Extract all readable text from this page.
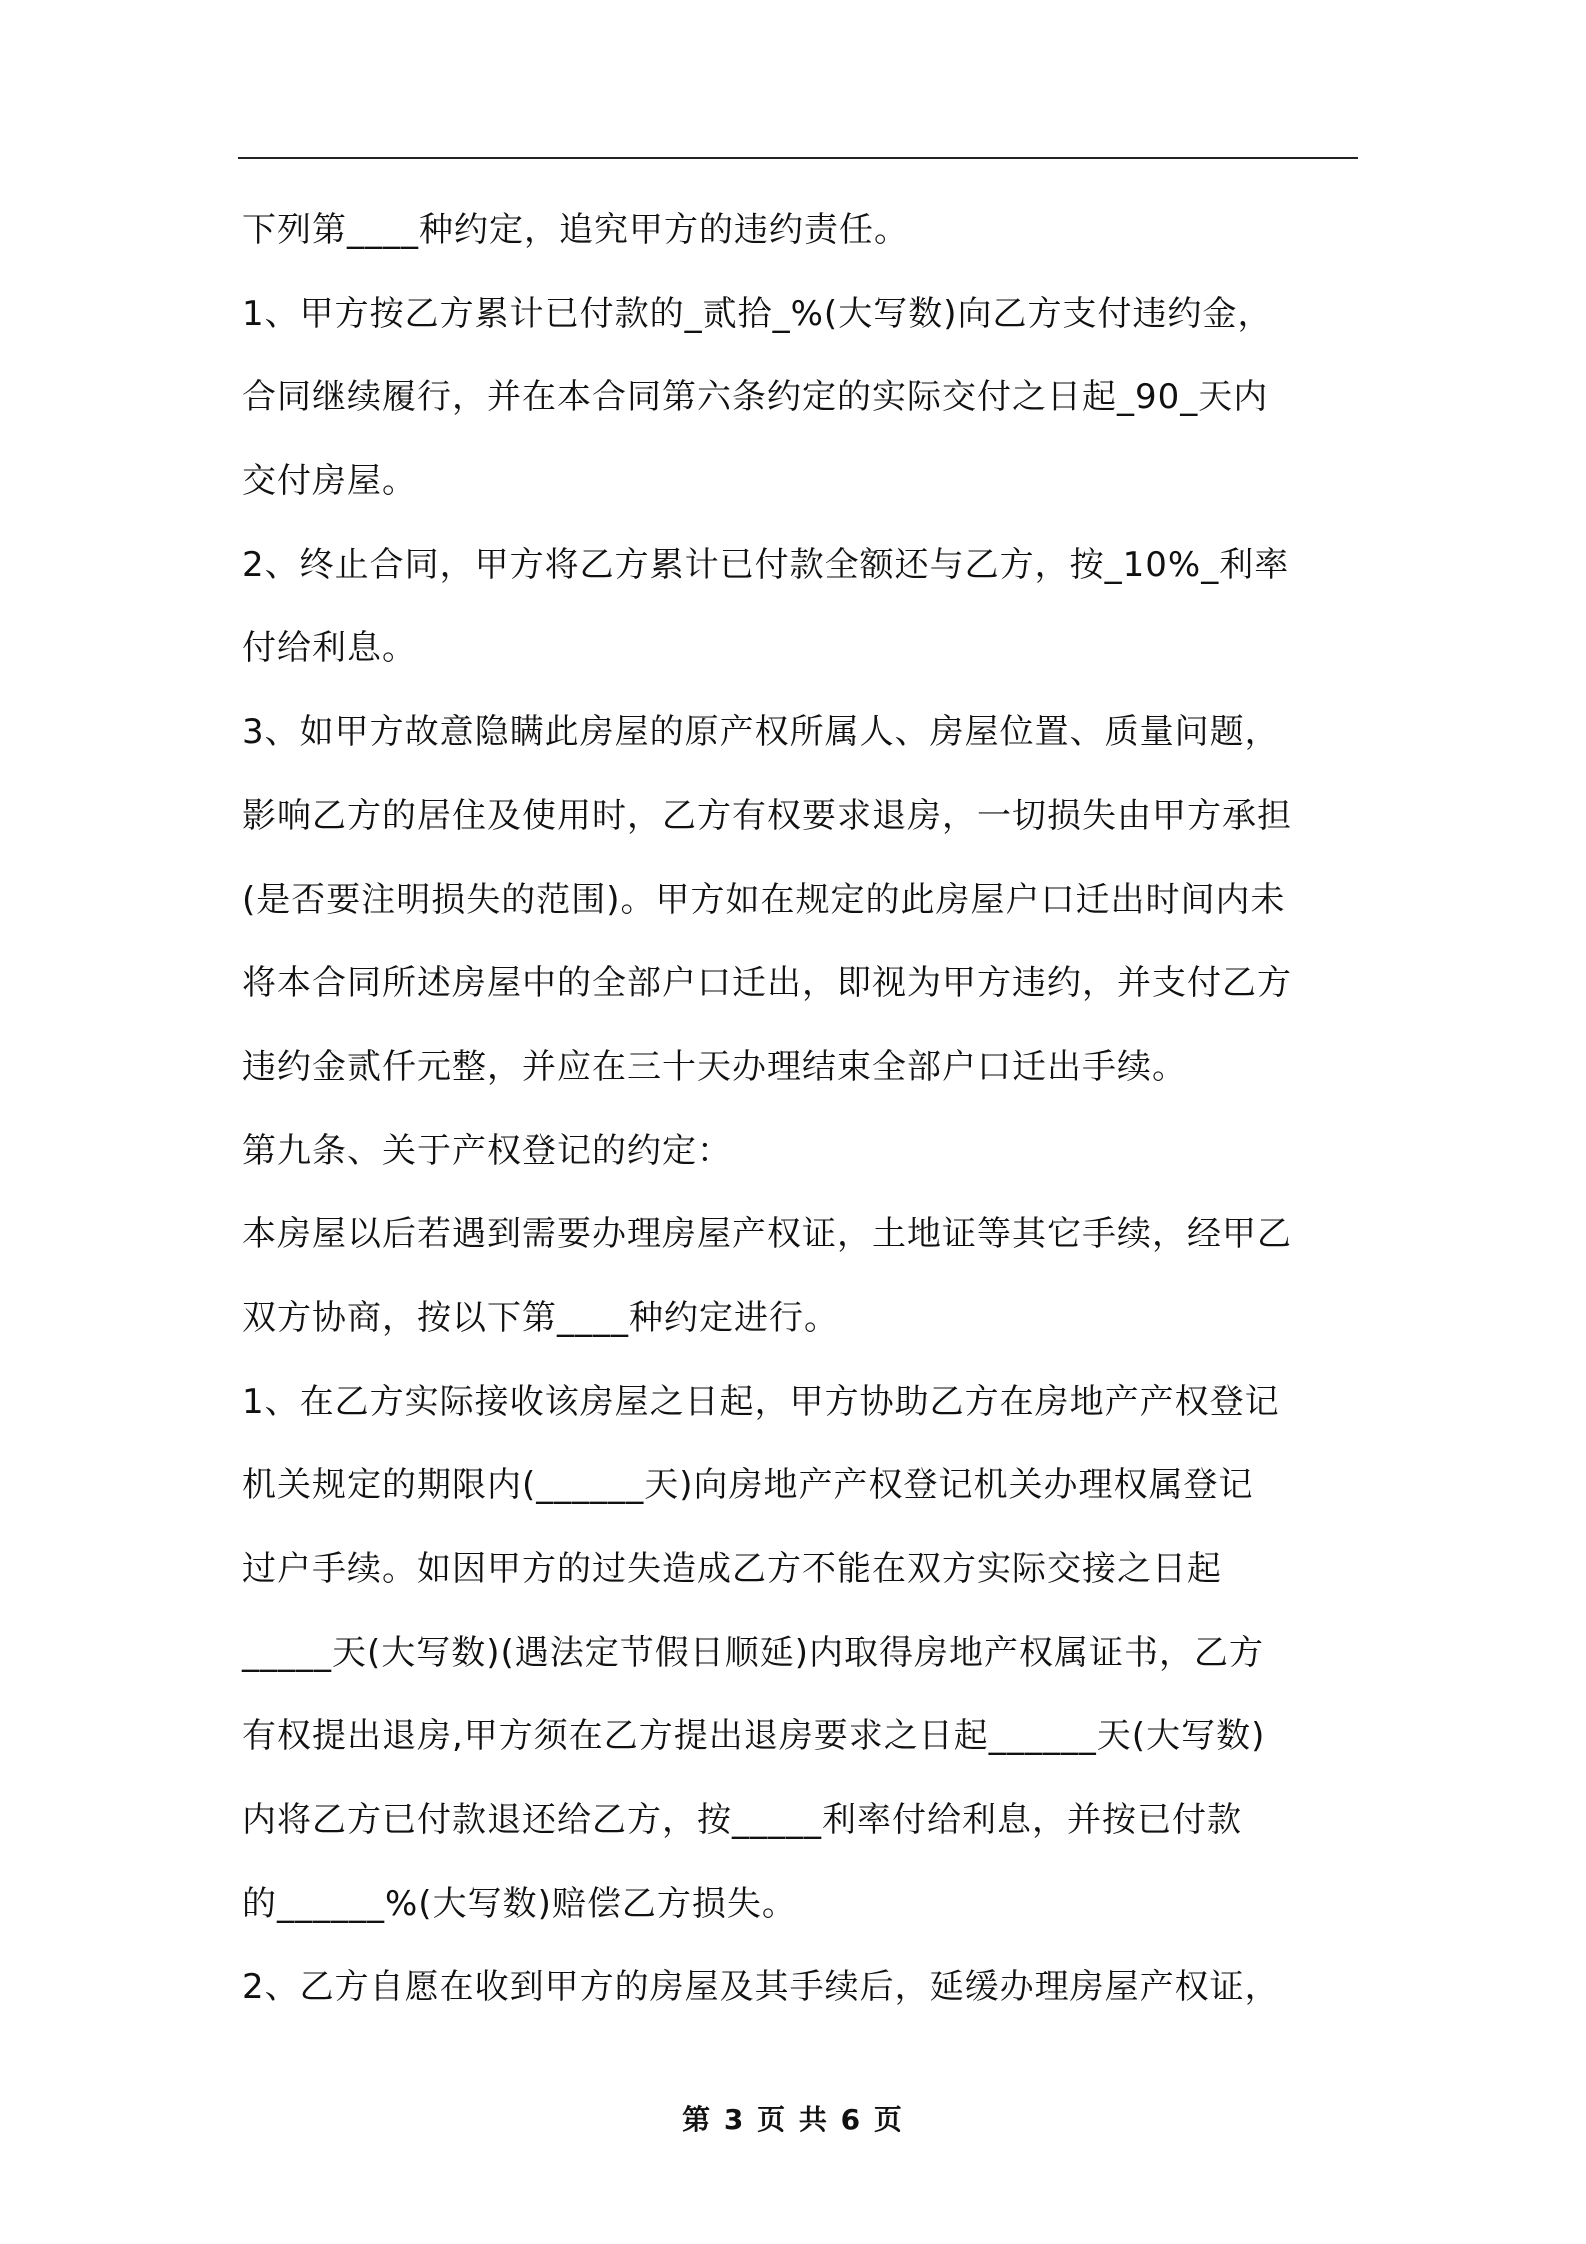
下列第____种约定，追究甲方的违约责任。
1、甲方按乙方累计已付款的_贰拾_%(大写数)向乙方支付违约金，
合同继续履行，并在本合同第六条约定的实际交付之日起_90_天内
交付房屋。
2、终止合同，甲方将乙方累计已付款全额还与乙方，按_10%_利率
付给利息。
3、如甲方故意隐瞒此房屋的原产权所属人、房屋位置、质量问题，
影响乙方的居住及使用时，乙方有权要求退房，一切损失由甲方承担
(是否要注明损失的范围)。甲方如在规定的此房屋户口迁出时间内未
将本合同所述房屋中的全部户口迁出，即视为甲方违约，并支付乙方
违约金贰仟元整，并应在三十天办理结束全部户口迁出手续。
第九条、关于产权登记的约定：
本房屋以后若遇到需要办理房屋产权证，土地证等其它手续，经甲乙
双方协商，按以下第____种约定进行。
1、在乙方实际接收该房屋之日起，甲方协助乙方在房地产产权登记
机关规定的期限内(______天)向房地产产权登记机关办理权属登记
过户手续。如因甲方的过失造成乙方不能在双方实际交接之日起
_____天(大写数)(遇法定节假日顺延)内取得房地产权属证书，乙方
有权提出退房,甲方须在乙方提出退房要求之日起______天(大写数)
内将乙方已付款退还给乙方，按_____利率付给利息，并按已付款
的______%(大写数)赔偿乙方损失。
2、乙方自愿在收到甲方的房屋及其手续后，延缓办理房屋产权证，
第 3 页 共 6 页
